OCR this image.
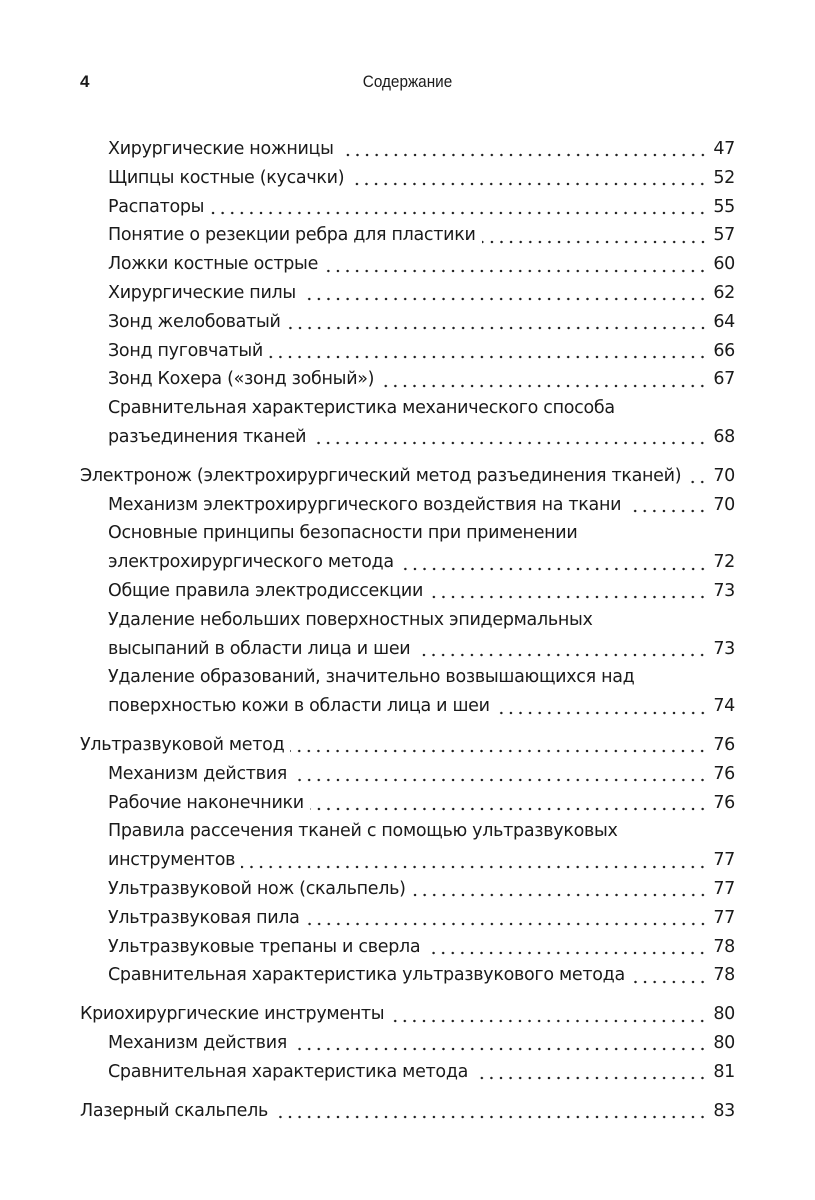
4	Содержание
Хирургические ножницы	47
Щипцы костные (кусачки)	52
Распаторы	55
Понятие о резекции ребра для пластики	57
Ложки костные острые	60
Хирургические пилы	62
Зонд желобоватый	64
Зонд пуговчатый	66
Зонд Кохера («зонд зобный»)	67
Сравнительная характеристика механического способа
разъединения тканей	68
Электронож (электрохирургический метод разъединения тканей) 70
Механизм электрохирургического воздействия на ткани	70
Основные принципы безопасности при применении
электрохирургического метода	72
Общие правила электродиссекции	73
Удаление небольших поверхностных эпидермальных
высыпаний в области лица и шеи	73
Удаление образований, значительно возвышающихся над
поверхностью кожи в области лица и шеи	74
Ультразвуковой метод	76
Механизм действия	76
Рабочие наконечники	76
Правила рассечения тканей с помощью ультразвуковых
инструментов	77
Ультразвуковой нож (скальпель)	77
Ультразвуковая пила	77
Ультразвуковые трепаны и сверла	78
Сравнительная характеристика ультразвукового метода	78
Криохирургические инструменты	80
Механизм действия	80
Сравнительная характеристика метода	81
Лазерный скальпель	83
